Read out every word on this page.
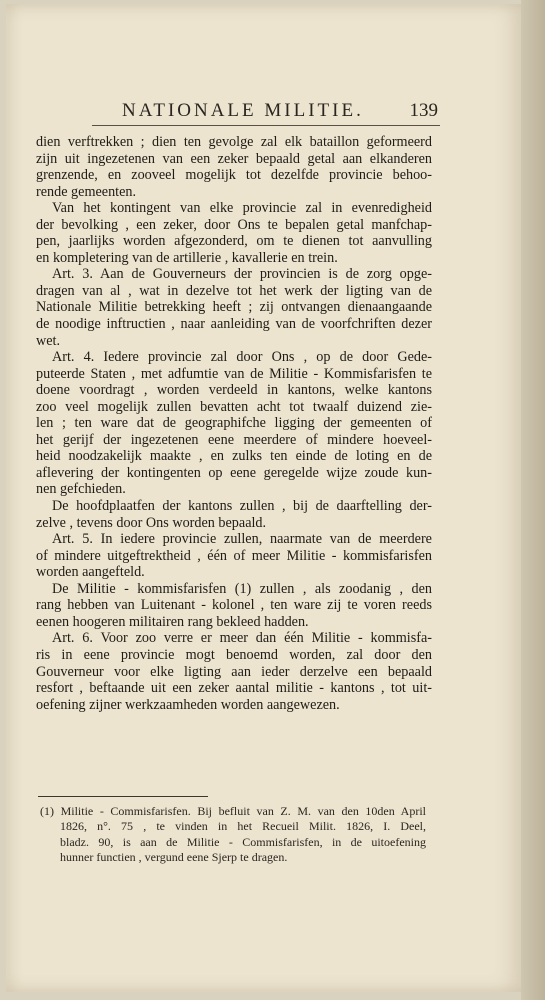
NATIONALE MILITIE. 139
dien verftrekken ; dien ten gevolge zal elk bataillon geformeerd
zijn uit ingezetenen van een zeker bepaald getal aan elkanderen
grenzende, en zooveel mogelijk tot dezelfde provincie behoo-
rende gemeenten.
Van het kontingent van elke provincie zal in evenredigheid
der bevolking , een zeker, door Ons te bepalen getal manfchap-
pen, jaarlijks worden afgezonderd, om te dienen tot aanvulling
en kompletering van de artillerie , kavallerie en trein.
Art. 3. Aan de Gouverneurs der provincien is de zorg opge-
dragen van al , wat in dezelve tot het werk der ligting van de
Nationale Militie betrekking heeft ; zij ontvangen dienaangaande
de noodige inftructien , naar aanleiding van de voorfchriften dezer
wet.
Art. 4. Iedere provincie zal door Ons , op de door Gede-
puteerde Staten , met adfumtie van de Militie - Kommisfarisfen te
doene voordragt , worden verdeeld in kantons, welke kantons
zoo veel mogelijk zullen bevatten acht tot twaalf duizend zie-
len ; ten ware dat de geographifche ligging der gemeenten of
het gerijf der ingezetenen eene meerdere of mindere hoeveel-
heid noodzakelijk maakte , en zulks ten einde de loting en de
aflevering der kontingenten op eene geregelde wijze zoude kun-
nen gefchieden.
De hoofdplaatfen der kantons zullen , bij de daarftelling der-
zelve , tevens door Ons worden bepaald.
Art. 5. In iedere provincie zullen, naarmate van de meerdere
of mindere uitgeftrektheid , één of meer Militie - kommisfarisfen
worden aangefteld.
De Militie - kommisfarisfen (1) zullen , als zoodanig , den
rang hebben van Luitenant - kolonel , ten ware zij te voren reeds
eenen hoogeren militairen rang bekleed hadden.
Art. 6. Voor zoo verre er meer dan één Militie - kommisfa-
ris in eene provincie mogt benoemd worden, zal door den
Gouverneur voor elke ligting aan ieder derzelve een bepaald
resfort , beftaande uit een zeker aantal militie - kantons , tot uit-
oefening zijner werkzaamheden worden aangewezen.
(1) Militie - Commisfarisfen. Bij befluit van Z. M. van den 10den April
1826, n°. 75 , te vinden in het Recueil Milit. 1826, I. Deel,
bladz. 90, is aan de Militie - Commisfarisfen, in de uitoefening
hunner functien , vergund eene Sjerp te dragen.
